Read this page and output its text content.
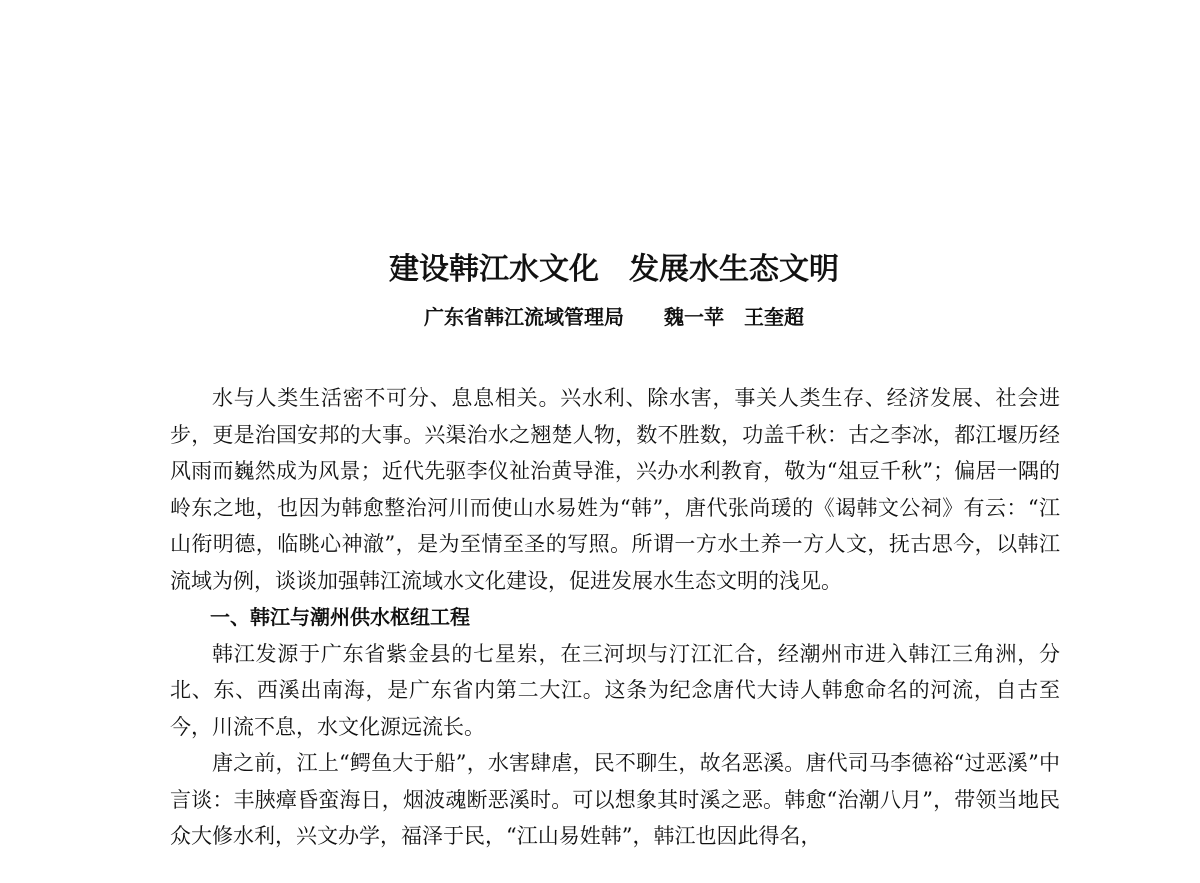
建设韩江水文化　发展水生态文明
广东省韩江流域管理局　　魏一苹　王奎超

水与人类生活密不可分、息息相关。兴水利、除水害，事关人类生存、经济发展、社会进步，更是治国安邦的大事。兴渠治水之翘楚人物，数不胜数，功盖千秋：古之李冰，都江堰历经风雨而巍然成为风景；近代先驱李仪祉治黄导淮，兴办水利教育，敬为“俎豆千秋”；偏居一隅的岭东之地，也因为韩愈整治河川而使山水易姓为“韩”，唐代张尚瑗的《谒韩文公祠》有云：“江山衔明德，临眺心神澈”，是为至情至圣的写照。所谓一方水土养一方人文，抚古思今，以韩江流域为例，谈谈加强韩江流域水文化建设，促进发展水生态文明的浅见。

一、韩江与潮州供水枢纽工程

韩江发源于广东省紫金县的七星岽，在三河坝与汀江汇合，经潮州市进入韩江三角洲，分北、东、西溪出南海，是广东省内第二大江。这条为纪念唐代大诗人韩愈命名的河流，自古至今，川流不息，水文化源远流长。

唐之前，江上“鳄鱼大于船”，水害肆虐，民不聊生，故名恶溪。唐代司马李德裕“过恶溪”中言谈：丰脥瘴昏蛮海日，烟波魂断恶溪时。可以想象其时溪之恶。韩愈“治潮八月”，带领当地民众大修水利，兴文办学，福泽于民，“江山易姓韩”，韩江也因此得名，
